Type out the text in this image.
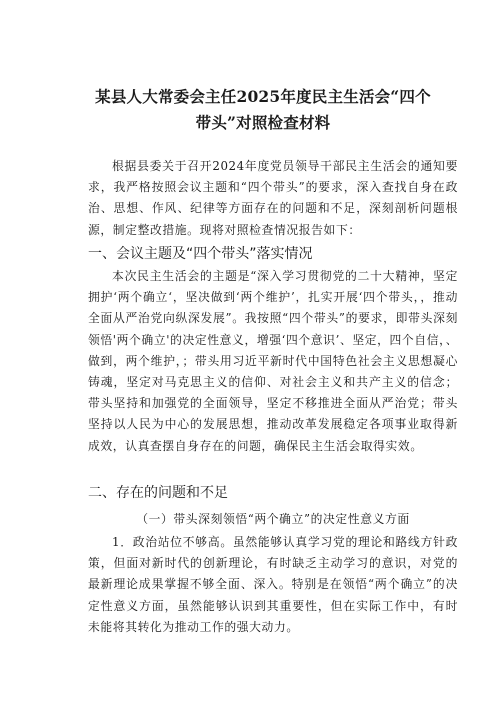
某县人大常委会主任2025年度民主生活会“四个带头”对照检查材料

根据县委关于召开2024年度党员领导干部民主生活会的通知要求，我严格按照会议主题和“四个带头”的要求，深入查找自身在政治、思想、作风、纪律等方面存在的问题和不足，深刻剖析问题根源，制定整改措施。现将对照检查情况报告如下：

一、会议主题及“四个带头”落实情况

本次民主生活会的主题是“深入学习贯彻党的二十大精神，坚定拥护‘两个确立‘，坚决做到‘两个维护’，扎实开展‘四个带头，，推动全面从严治党向纵深发展”。我按照“四个带头”的要求，即带头深刻领悟'两个确立'的决定性意义，增强‘四个意识’、坚定，四个自信，、做到，两个维护，；带头用习近平新时代中国特色社会主义思想凝心铸魂，坚定对马克思主义的信仰、对社会主义和共产主义的信念；带头坚持和加强党的全面领导，坚定不移推进全面从严治党；带头坚持以人民为中心的发展思想，推动改革发展稳定各项事业取得新成效，认真查摆自身存在的问题，确保民主生活会取得实效。

二、存在的问题和不足

（一）带头深刻领悟“两个确立”的决定性意义方面

1．政治站位不够高。虽然能够认真学习党的理论和路线方针政策，但面对新时代的创新理论，有时缺乏主动学习的意识，对党的最新理论成果掌握不够全面、深入。特别是在领悟“两个确立”的决定性意义方面，虽然能够认识到其重要性，但在实际工作中，有时未能将其转化为推动工作的强大动力。
